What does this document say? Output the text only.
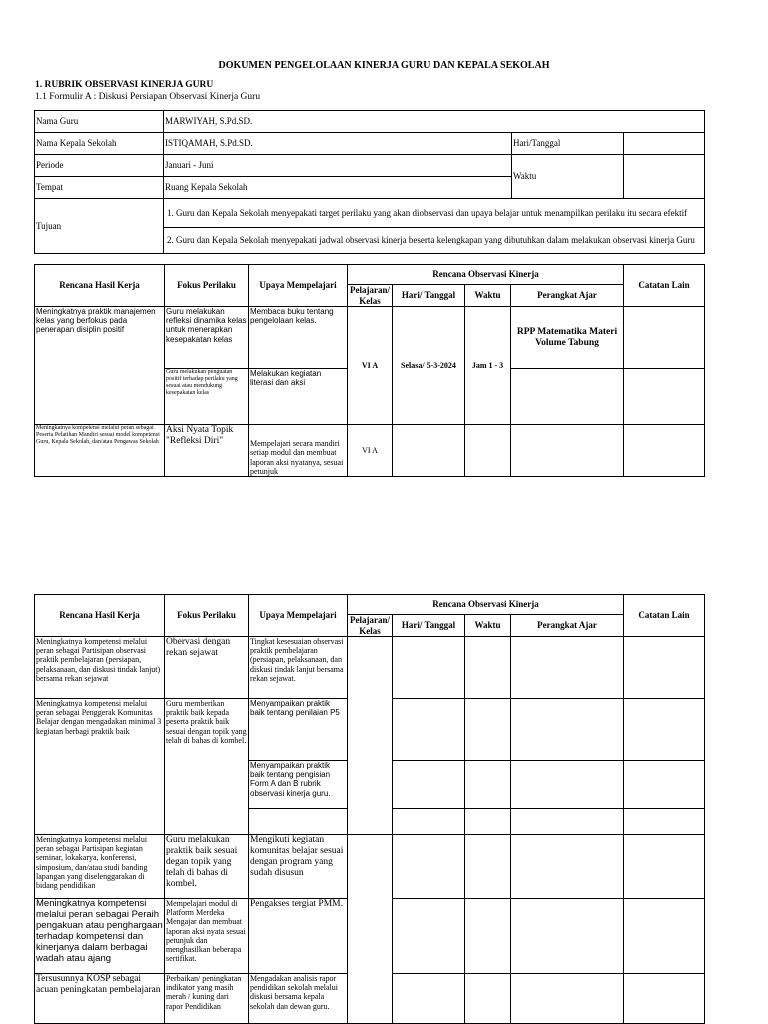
DOKUMEN PENGELOLAAN KINERJA GURU DAN KEPALA SEKOLAH
1. RUBRIK OBSERVASI KINERJA GURU
1.1 Formulir A : Diskusi Persiapan Observasi Kinerja Guru
Nama Guru	MARWIYAH, S.Pd.SD.		
Nama Kepala Sekolah	ISTIQAMAH, S.Pd.SD.	Hari/Tanggal	
Periode	Januari - Juni	Waktu	
Tempat	Ruang Kepala Sekolah		
Tujuan	1. Guru dan Kepala Sekolah menyepakati target perilaku yang akan diobservasi dan upaya belajar untuk menampilkan perilaku itu secara efektif		

	2. Guru dan Kepala Sekolah menyepakati jadwal observasi kinerja beserta kelengkapan yang dibutuhkan dalam melakukan observasi kinerja Guru		

Rencana Hasil Kerja	Fokus Perilaku	Upaya Mempelajari	Rencana Observasi Kinerja				Catatan Lain
			Pelajaran/ Kelas	Hari/ Tanggal	Waktu	Perangkat Ajar	
Meningkatnya praktik manajemen kelas yang berfokus pada penerapan disiplin positif	Guru melakukan refleksi dinamika kelas untuk menerapkan kesepakatan kelas	Membaca buku tentang pengelolaan kelas.	VI A	Selasa/ 5-3-2024	Jam 1 - 3	RPP Matematika Materi Volume Tabung	
	Guru melakukan penguatan positif terhadap perilaku yang sesuai atau mendukung kesepakatan kelas	Melakukan kegiatan literasi dan aksi					
Meningkatnya kompetensi melalui peran sebagai Peserta Pelatihan Mandiri sesuai model kompetensi Guru, Kepala Sekolah, dan/atau Pengawas Sekolah	Aksi Nyata Topik "Refleksi Diri"	Mempelajari secara mandiri setiap modul dan membuat laporan aksi nyatanya, sesuai petunjuk	VI A				
Rencana Hasil Kerja	Fokus Perilaku	Upaya Mempelajari	Rencana Observasi Kinerja				Catatan Lain
			Pelajaran/ Kelas	Hari/ Tanggal	Waktu	Perangkat Ajar	
Meningkatnya kompetensi melalui peran sebagai Partisipan observasi praktik pembelajaran (persiapan, pelaksanaan, dan diskusi tindak lanjut) bersama rekan sejawat	Obervasi dengan rekan sejawat	Tingkat kesesuaian observasi praktik pembelajaran (persiapan, pelaksanaan, dan diskusi tindak lanjut bersama rekan sejawat.					
Meningkatnya kompetensi melalui peran sebagai Penggerak Komunitas Belajar dengan mengadakan minimal 3 kegiatan berbagi praktik baik	Guru memberikan praktik baik kepada peserta praktik baik sesuai dengan topik yang telah di bahas di kombel.	Menyampaikan praktik baik tentang penilaian P5					
		Menyampaikan praktik baik tentang pengisian Form A dan B rubrik observasi kinerja guru.					

Meningkatnya kompetensi melalui peran sebagai Partisipan kegiatan seminar, lokakarya, konferensi, simposium, dan/atau studi banding lapangan yang diselenggarakan di bidang pendidikan	Guru melakukan praktik baik sesuai degan topik yang telah di bahas di kombel.	Mengikuti kegiatan komunitas belajar sesuai dengan program yang sudah disusun					
Meningkatnya kompetensi melalui peran sebagai Peraih pengakuan atau penghargaan terhadap kompetensi dan kinerjanya dalam berbagai wadah atau ajang	Mempelajari modul di Platform Merdeka Mengajar dan membuat laporan aksi nyata sesuai petunjuk dan menghasilkan beberapa sertifikat.	Pengakses tergiat PMM.					
Tersusunnya KOSP sebagai acuan peningkatan pembelajaran	Perbaikan/ peningkatan indikator yang masih merah / kuning dari rapor Pendidikan	Mengadakan analisis rapor pendidikan sekolah melalui diskusi bersama kepala sekolah dan dewan guru.					
